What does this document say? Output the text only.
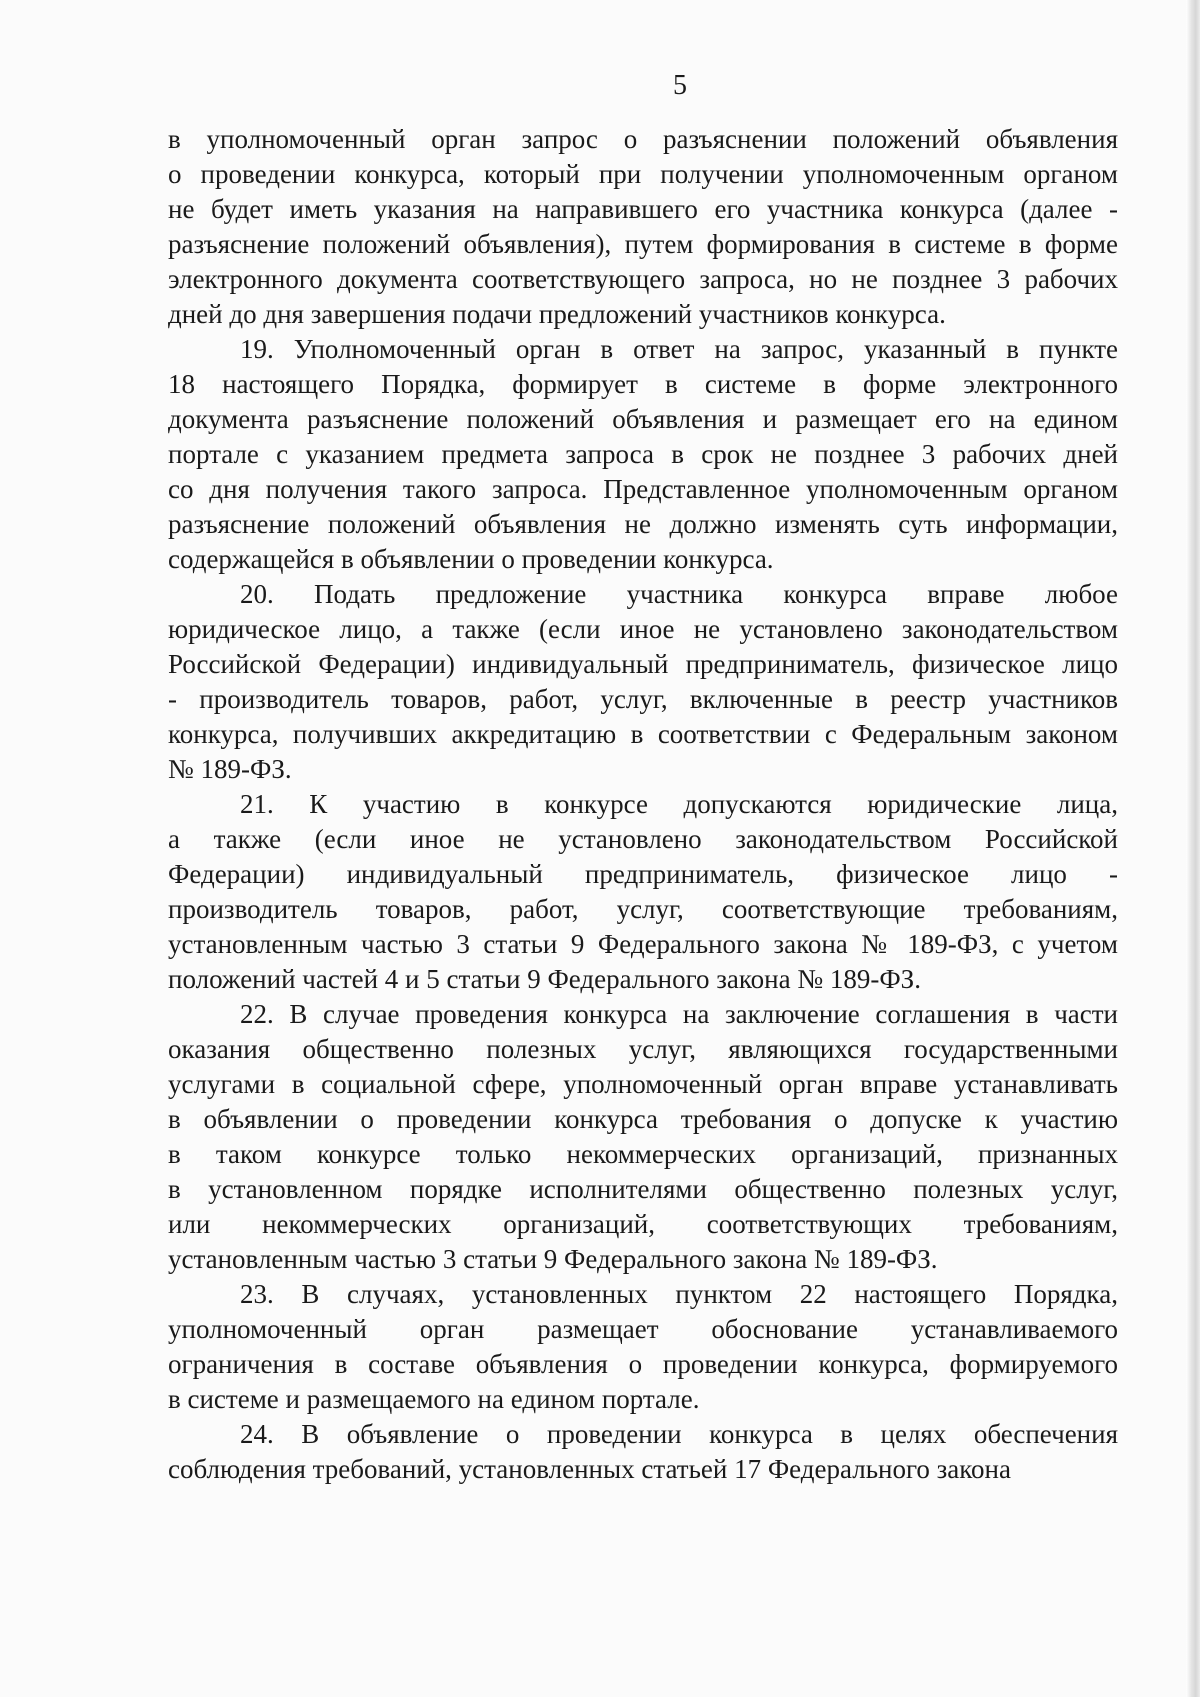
5
в уполномоченный орган запрос о разъяснении положений объявления
о проведении конкурса, который при получении уполномоченным органом
не будет иметь указания на направившего его участника конкурса (далее -
разъяснение положений объявления), путем формирования в системе в форме
электронного документа соответствующего запроса, но не позднее 3 рабочих
дней до дня завершения подачи предложений участников конкурса.
19. Уполномоченный орган в ответ на запрос, указанный в пункте
18 настоящего Порядка, формирует в системе в форме электронного
документа разъяснение положений объявления и размещает его на едином
портале с указанием предмета запроса в срок не позднее 3 рабочих дней
со дня получения такого запроса. Представленное уполномоченным органом
разъяснение положений объявления не должно изменять суть информации,
содержащейся в объявлении о проведении конкурса.
20. Подать предложение участника конкурса вправе любое
юридическое лицо, а также (если иное не установлено законодательством
Российской Федерации) индивидуальный предприниматель, физическое лицо
- производитель товаров, работ, услуг, включенные в реестр участников
конкурса, получивших аккредитацию в соответствии с Федеральным законом
№ 189-ФЗ.
21. К участию в конкурсе допускаются юридические лица,
а также (если иное не установлено законодательством Российской
Федерации) индивидуальный предприниматель, физическое лицо -
производитель товаров, работ, услуг, соответствующие требованиям,
установленным частью 3 статьи 9 Федерального закона № 189-ФЗ, с учетом
положений частей 4 и 5 статьи 9 Федерального закона № 189-ФЗ.
22. В случае проведения конкурса на заключение соглашения в части
оказания общественно полезных услуг, являющихся государственными
услугами в социальной сфере, уполномоченный орган вправе устанавливать
в объявлении о проведении конкурса требования о допуске к участию
в таком конкурсе только некоммерческих организаций, признанных
в установленном порядке исполнителями общественно полезных услуг,
или некоммерческих организаций, соответствующих требованиям,
установленным частью 3 статьи 9 Федерального закона № 189-ФЗ.
23. В случаях, установленных пунктом 22 настоящего Порядка,
уполномоченный орган размещает обоснование устанавливаемого
ограничения в составе объявления о проведении конкурса, формируемого
в системе и размещаемого на едином портале.
24. В объявление о проведении конкурса в целях обеспечения
соблюдения требований, установленных статьей 17 Федерального закона
